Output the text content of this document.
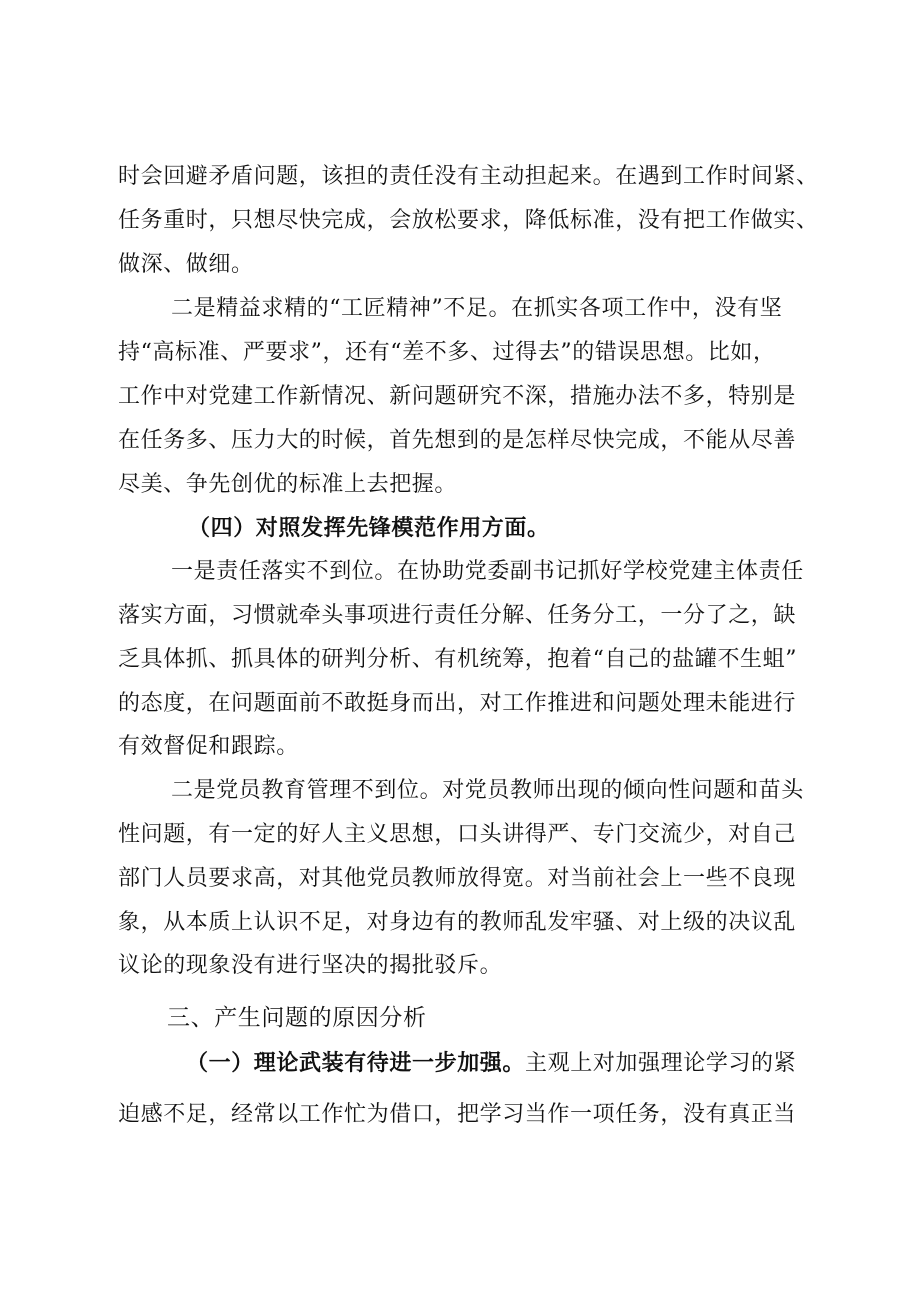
时会回避矛盾问题，该担的责任没有主动担起来。在遇到工作时间紧、
任务重时，只想尽快完成，会放松要求，降低标准，没有把工作做实、
做深、做细。
二是精益求精的“工匠精神”不足。在抓实各项工作中，没有坚
持“高标准、严要求”，还有“差不多、过得去”的错误思想。比如，
工作中对党建工作新情况、新问题研究不深，措施办法不多，特别是
在任务多、压力大的时候，首先想到的是怎样尽快完成，不能从尽善
尽美、争先创优的标准上去把握。
（四）对照发挥先锋模范作用方面。
一是责任落实不到位。在协助党委副书记抓好学校党建主体责任
落实方面，习惯就牵头事项进行责任分解、任务分工，一分了之，缺
乏具体抓、抓具体的研判分析、有机统筹，抱着“自己的盐罐不生蛆”
的态度，在问题面前不敢挺身而出，对工作推进和问题处理未能进行
有效督促和跟踪。
二是党员教育管理不到位。对党员教师出现的倾向性问题和苗头
性问题，有一定的好人主义思想，口头讲得严、专门交流少，对自己
部门人员要求高，对其他党员教师放得宽。对当前社会上一些不良现
象，从本质上认识不足，对身边有的教师乱发牢骚、对上级的决议乱
议论的现象没有进行坚决的揭批驳斥。
三、产生问题的原因分析
（一）理论武装有待进一步加强。主观上对加强理论学习的紧
迫感不足，经常以工作忙为借口，把学习当作一项任务，没有真正当
